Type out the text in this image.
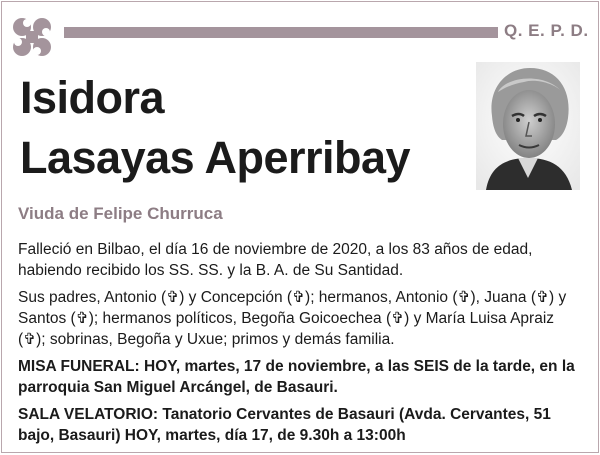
Q. E. P. D.
Isidora
Lasayas Aperribay
Viuda de Felipe Churruca

Falleció en Bilbao, el día 16 de noviembre de 2020, a los 83 años de edad, habiendo recibido los SS. SS. y la B. A. de Su Santidad.

Sus padres, Antonio (✞) y Concepción (✞); hermanos, Antonio (✞), Juana (✞) y Santos (✞); hermanos políticos, Begoña Goicoechea (✞) y María Luisa Apraiz (✞); sobrinas, Begoña y Uxue; primos y demás familia.

MISA FUNERAL: HOY, martes, 17 de noviembre, a las SEIS de la tarde, en la parroquia San Miguel Arcángel, de Basauri.

SALA VELATORIO: Tanatorio Cervantes de Basauri (Avda. Cervantes, 51 bajo, Basauri) HOY, martes, día 17, de 9.30h a 13:00h
